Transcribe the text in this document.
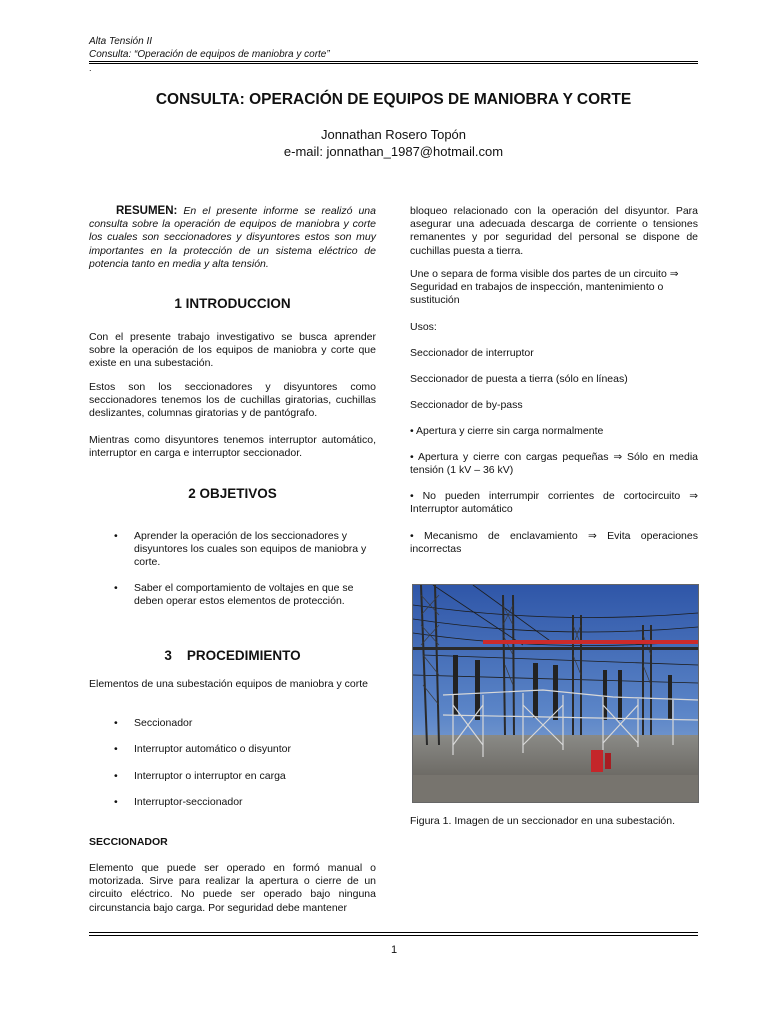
Alta Tensión II
Consulta: “Operación de equipos de maniobra y corte”
.
CONSULTA: OPERACIÓN DE EQUIPOS DE MANIOBRA Y CORTE
Jonnathan Rosero Topón
e-mail: jonnathan_1987@hotmail.com
RESUMEN: En el presente informe se realizó una consulta sobre la operación de equipos de maniobra y corte los cuales son seccionadores y disyuntores estos son muy importantes en la protección de un sistema eléctrico de potencia tanto en media y alta tensión.
1 INTRODUCCION
Con el presente trabajo investigativo se busca aprender sobre la operación de los equipos de maniobra y corte que existe en una subestación.
Estos son los seccionadores y disyuntores como seccionadores tenemos los de cuchillas giratorias, cuchillas deslizantes, columnas giratorias y de pantógrafo.
Mientras como disyuntores tenemos interruptor automático, interruptor en carga e interruptor seccionador.
2 OBJETIVOS
• Aprender la operación de los seccionadores y disyuntores los cuales son equipos de maniobra y corte.
• Saber el comportamiento de voltajes en que se deben operar estos elementos de protección.
3    PROCEDIMIENTO
Elementos de una subestación equipos de maniobra y corte
• Seccionador
• Interruptor automático o disyuntor
• Interruptor o interruptor en carga
• Interruptor-seccionador
SECCIONADOR
Elemento que puede ser operado en formó manual o motorizada. Sirve para realizar la apertura o cierre de un circuito eléctrico. No puede ser operado bajo ninguna circunstancia bajo carga. Por seguridad debe mantener
bloqueo relacionado con la operación del disyuntor. Para asegurar una adecuada descarga de corriente o tensiones remanentes y por seguridad del personal se dispone de cuchillas puesta a tierra.
Une o separa de forma visible dos partes de un circuito ⇒ Seguridad en trabajos de inspección, mantenimiento o sustitución
Usos:
Seccionador de interruptor
Seccionador de puesta a tierra (sólo en líneas)
Seccionador de by-pass
• Apertura y cierre sin carga normalmente
• Apertura y cierre con cargas pequeñas ⇒ Sólo en media tensión (1 kV – 36 kV)
• No pueden interrumpir corrientes de cortocircuito ⇒ Interruptor automático
• Mecanismo de enclavamiento ⇒ Evita operaciones incorrectas
Figura 1. Imagen de un seccionador en una subestación.
1
